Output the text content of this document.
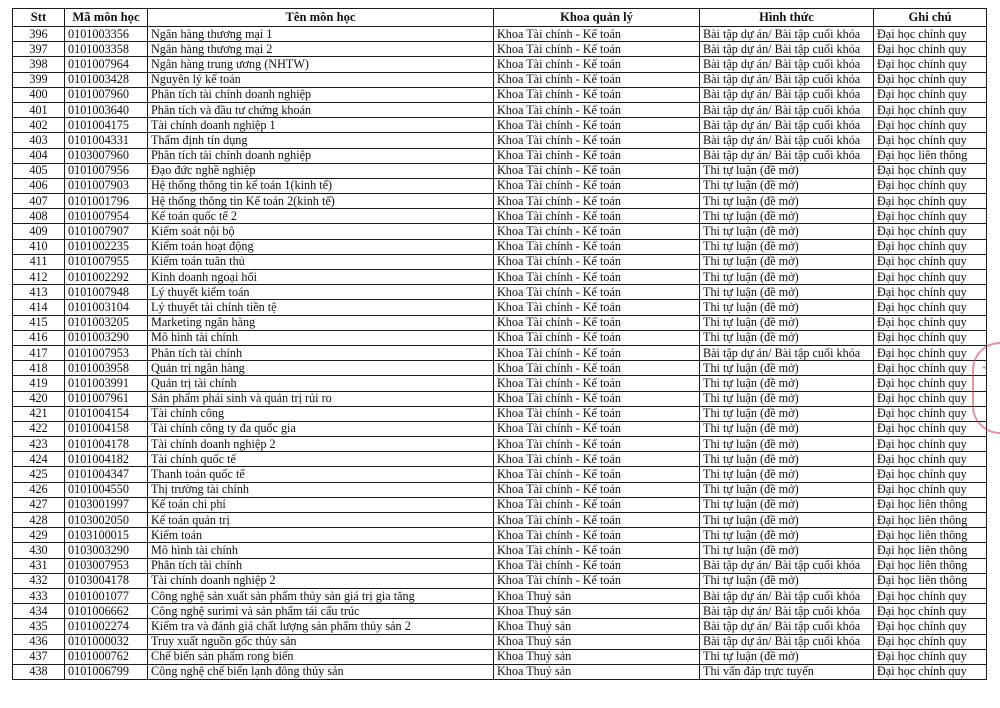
Stt	Mã môn học	Tên môn học	Khoa quản lý	Hình thức	Ghi chú
396	0101003356	Ngân hàng thương mại 1	Khoa Tài chính - Kế toán	Bài tập dự án/ Bài tập cuối khóa	Đại học chính quy
397	0101003358	Ngân hàng thương mại 2	Khoa Tài chính - Kế toán	Bài tập dự án/ Bài tập cuối khóa	Đại học chính quy
398	0101007964	Ngân hàng trung ương (NHTW)	Khoa Tài chính - Kế toán	Bài tập dự án/ Bài tập cuối khóa	Đại học chính quy
399	0101003428	Nguyên lý kế toán	Khoa Tài chính - Kế toán	Bài tập dự án/ Bài tập cuối khóa	Đại học chính quy
400	0101007960	Phân tích tài chính doanh nghiệp	Khoa Tài chính - Kế toán	Bài tập dự án/ Bài tập cuối khóa	Đại học chính quy
401	0101003640	Phân tích và đầu tư chứng khoán	Khoa Tài chính - Kế toán	Bài tập dự án/ Bài tập cuối khóa	Đại học chính quy
402	0101004175	Tài chính doanh nghiệp 1	Khoa Tài chính - Kế toán	Bài tập dự án/ Bài tập cuối khóa	Đại học chính quy
403	0101004331	Thẩm định tín dụng	Khoa Tài chính - Kế toán	Bài tập dự án/ Bài tập cuối khóa	Đại học chính quy
404	0103007960	Phân tích tài chính doanh nghiệp	Khoa Tài chính - Kế toán	Bài tập dự án/ Bài tập cuối khóa	Đại học liên thông
405	0101007956	Đạo đức nghề nghiệp	Khoa Tài chính - Kế toán	Thi tự luận (đề mở)	Đại học chính quy
406	0101007903	Hệ thống thông tin kế toán 1(kinh tế)	Khoa Tài chính - Kế toán	Thi tự luận (đề mở)	Đại học chính quy
407	0101001796	Hệ thống thông tin Kế toán 2(kinh tế)	Khoa Tài chính - Kế toán	Thi tự luận (đề mở)	Đại học chính quy
408	0101007954	Kế toán quốc tế 2	Khoa Tài chính - Kế toán	Thi tự luận (đề mở)	Đại học chính quy
409	0101007907	Kiểm soát nội bộ	Khoa Tài chính - Kế toán	Thi tự luận (đề mở)	Đại học chính quy
410	0101002235	Kiểm toán hoạt động	Khoa Tài chính - Kế toán	Thi tự luận (đề mở)	Đại học chính quy
411	0101007955	Kiểm toán tuân thủ	Khoa Tài chính - Kế toán	Thi tự luận (đề mở)	Đại học chính quy
412	0101002292	Kinh doanh ngoại hối	Khoa Tài chính - Kế toán	Thi tự luận (đề mở)	Đại học chính quy
413	0101007948	Lý thuyết kiểm toán	Khoa Tài chính - Kế toán	Thi tự luận (đề mở)	Đại học chính quy
414	0101003104	Lý thuyết tài chính tiền tệ	Khoa Tài chính - Kế toán	Thi tự luận (đề mở)	Đại học chính quy
415	0101003205	Marketing ngân hàng	Khoa Tài chính - Kế toán	Thi tự luận (đề mở)	Đại học chính quy
416	0101003290	Mô hình tài chính	Khoa Tài chính - Kế toán	Thi tự luận (đề mở)	Đại học chính quy
417	0101007953	Phân tích tài chính	Khoa Tài chính - Kế toán	Bài tập dự án/ Bài tập cuối khóa	Đại học chính quy
418	0101003958	Quản trị ngân hàng	Khoa Tài chính - Kế toán	Thi tự luận (đề mở)	Đại học chính quy
419	0101003991	Quản trị tài chính	Khoa Tài chính - Kế toán	Thi tự luận (đề mở)	Đại học chính quy
420	0101007961	Sản phẩm phái sinh và quản trị rủi ro	Khoa Tài chính - Kế toán	Thi tự luận (đề mở)	Đại học chính quy
421	0101004154	Tài chính công	Khoa Tài chính - Kế toán	Thi tự luận (đề mở)	Đại học chính quy
422	0101004158	Tài chính công ty đa quốc gia	Khoa Tài chính - Kế toán	Thi tự luận (đề mở)	Đại học chính quy
423	0101004178	Tài chính doanh nghiệp 2	Khoa Tài chính - Kế toán	Thi tự luận (đề mở)	Đại học chính quy
424	0101004182	Tài chính quốc tế	Khoa Tài chính - Kế toán	Thi tự luận (đề mở)	Đại học chính quy
425	0101004347	Thanh toán quốc tế	Khoa Tài chính - Kế toán	Thi tự luận (đề mở)	Đại học chính quy
426	0101004550	Thị trường tài chính	Khoa Tài chính - Kế toán	Thi tự luận (đề mở)	Đại học chính quy
427	0103001997	Kế toán chi phí	Khoa Tài chính - Kế toán	Thi tự luận (đề mở)	Đại học liên thông
428	0103002050	Kế toán quản trị	Khoa Tài chính - Kế toán	Thi tự luận (đề mở)	Đại học liên thông
429	0103100015	Kiểm toán	Khoa Tài chính - Kế toán	Thi tự luận (đề mở)	Đại học liên thông
430	0103003290	Mô hình tài chính	Khoa Tài chính - Kế toán	Thi tự luận (đề mở)	Đại học liên thông
431	0103007953	Phân tích tài chính	Khoa Tài chính - Kế toán	Bài tập dự án/ Bài tập cuối khóa	Đại học liên thông
432	0103004178	Tài chính doanh nghiệp 2	Khoa Tài chính - Kế toán	Thi tự luận (đề mở)	Đại học liên thông
433	0101001077	Công nghệ sản xuất sản phẩm thủy sản giá trị gia tăng	Khoa Thuỷ sản	Bài tập dự án/ Bài tập cuối khóa	Đại học chính quy
434	0101006662	Công nghệ surimi và sản phẩm tái cấu trúc	Khoa Thuỷ sản	Bài tập dự án/ Bài tập cuối khóa	Đại học chính quy
435	0101002274	Kiểm tra và đánh giá chất lượng sản phẩm thủy sản 2	Khoa Thuỷ sản	Bài tập dự án/ Bài tập cuối khóa	Đại học chính quy
436	0101000032	Truy xuất nguồn gốc thủy sản	Khoa Thuỷ sản	Bài tập dự án/ Bài tập cuối khóa	Đại học chính quy
437	0101000762	Chế biến sản phẩm rong biển	Khoa Thuỷ sản	Thi tự luận (đề mở)	Đại học chính quy
438	0101006799	Công nghệ chế biến lạnh đông thủy sản	Khoa Thuỷ sản	Thi vấn đáp trực tuyến	Đại học chính quy
✦
